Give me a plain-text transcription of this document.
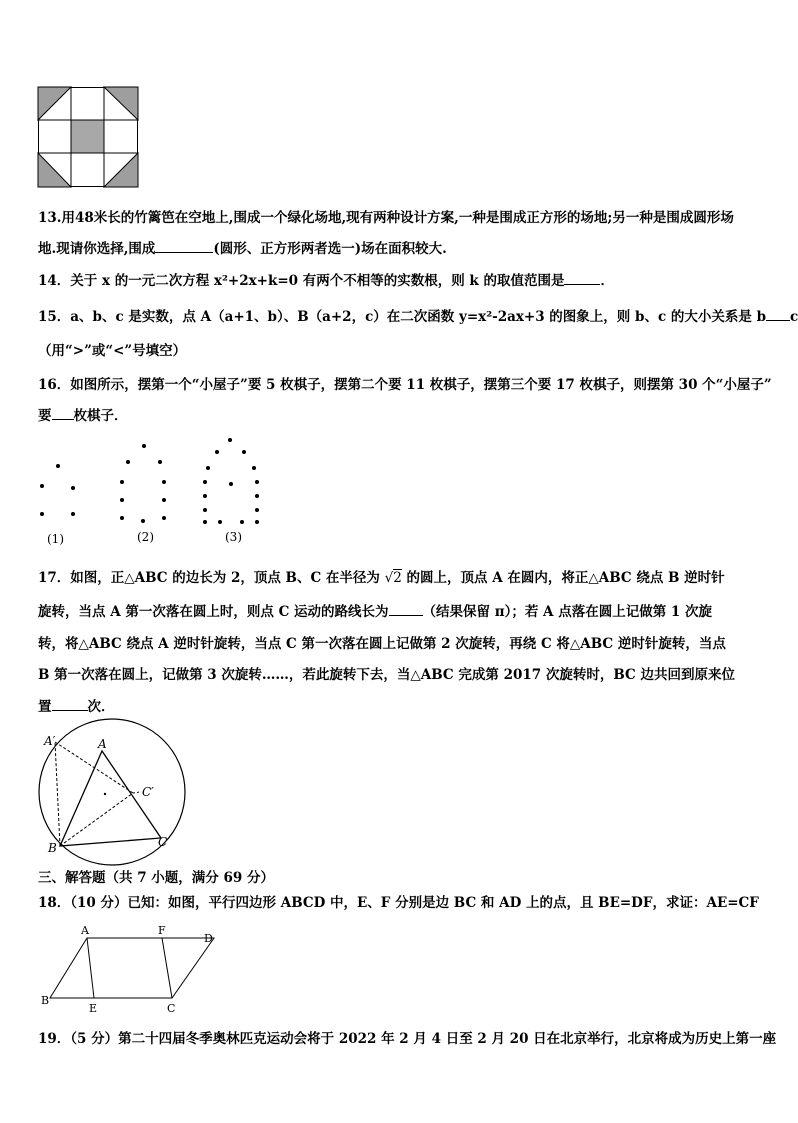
13.用48米长的竹篱笆在空地上,围成一个绿化场地,现有两种设计方案,一种是围成正方形的场地;另一种是围成圆形场
地.现请你选择,围成	(圆形、正方形两者选一)场在面积较大.
14．关于 x 的一元二次方程 x²+2x+k=0 有两个不相等的实数根，则 k 的取值范围是	．
15．a、b、c 是实数，点 A（a+1、b）、B（a+2，c）在二次函数 y=x²-2ax+3 的图象上，则 b、c 的大小关系是 b c
（用“>”或“<”号填空）
16．如图所示，摆第一个“小屋子”要 5 枚棋子，摆第二个要 11 枚棋子，摆第三个要 17 枚棋子，则摆第 30 个“小屋子”
要 枚棋子．
(1)	(2)	(3)
17．如图，正△ABC 的边长为 2，顶点 B、C 在半径为 √2 的圆上，顶点 A 在圆内，将正△ABC 绕点 B 逆时针
旋转，当点 A 第一次落在圆上时，则点 C 运动的路线长为	（结果保留 π）；若 A 点落在圆上记做第 1 次旋
转，将△ABC 绕点 A 逆时针旋转，当点 C 第一次落在圆上记做第 2 次旋转，再绕 C 将△ABC 逆时针旋转，当点
B 第一次落在圆上，记做第 3 次旋转……，若此旋转下去，当△ABC 完成第 2017 次旋转时，BC 边共回到原来位
置	次．
A′	A
C′
B	C
三、解答题（共 7 小题，满分 69 分）
18．（10 分）已知：如图，平行四边形 ABCD 中，E、F 分别是边 BC 和 AD 上的点，且 BE=DF，求证：AE=CF
A	F
D
B
E	C
19．（5 分）第二十四届冬季奥林匹克运动会将于 2022 年 2 月 4 日至 2 月 20 日在北京举行，北京将成为历史上第一座
